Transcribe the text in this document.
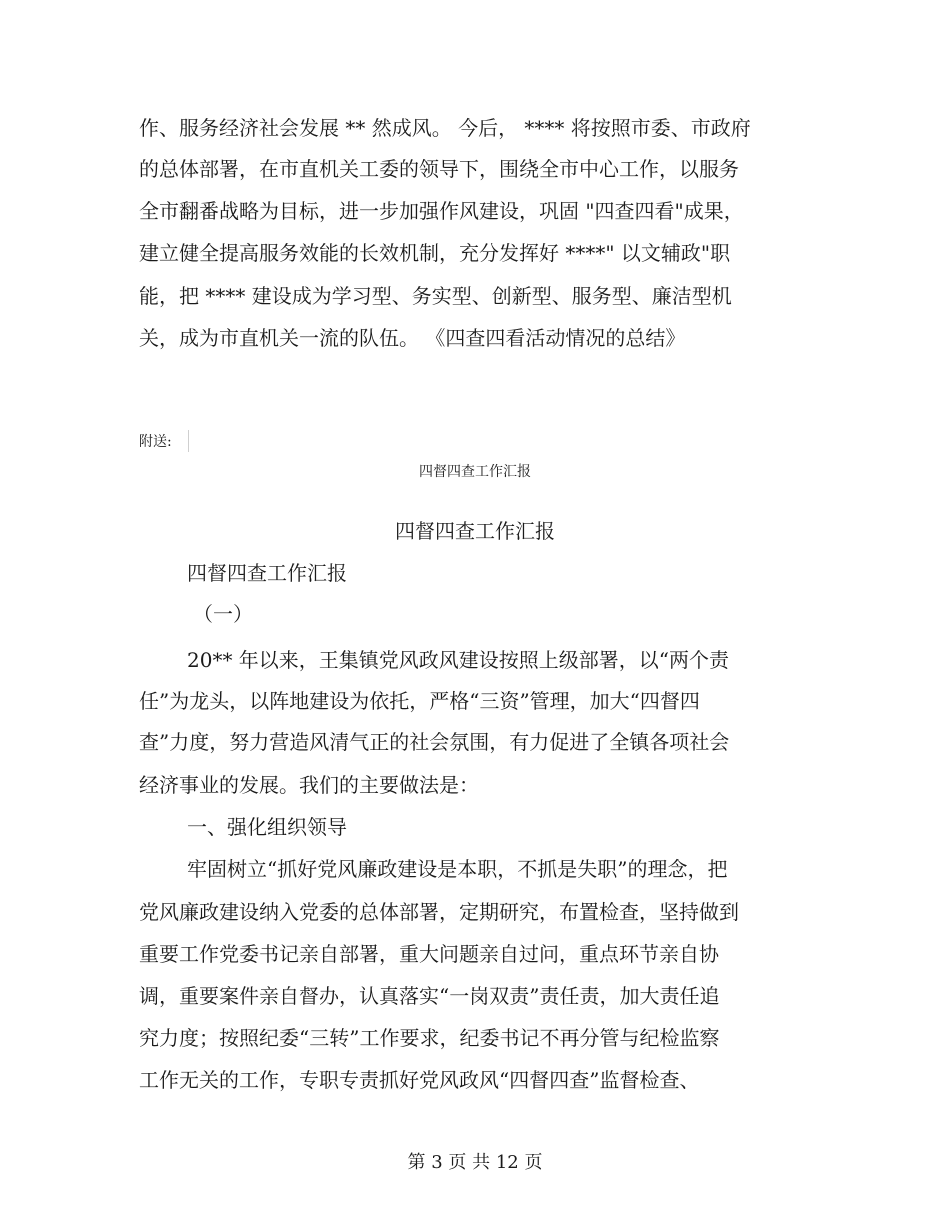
作、服务经济社会发展 ** 然成风。 今后， **** 将按照市委、市政府
的总体部署，在市直机关工委的领导下，围绕全市中心工作，以服务
全市翻番战略为目标，进一步加强作风建设，巩固 "四查四看"成果，
建立健全提高服务效能的长效机制，充分发挥好 ****" 以文辅政"职
能，把 **** 建设成为学习型、务实型、创新型、服务型、廉洁型机
关，成为市直机关一流的队伍。 《四查四看活动情况的总结》
附送:
四督四查工作汇报
四督四查工作汇报
四督四查工作汇报
（一）
20** 年以来，王集镇党风政风建设按照上级部署，以“两个责
任”为龙头，以阵地建设为依托，严格“三资”管理，加大“四督四
查”力度，努力营造风清气正的社会氛围，有力促进了全镇各项社会
经济事业的发展。我们的主要做法是：
一、强化组织领导
牢固树立“抓好党风廉政建设是本职，不抓是失职”的理念，把
党风廉政建设纳入党委的总体部署，定期研究，布置检查，坚持做到
重要工作党委书记亲自部署，重大问题亲自过问，重点环节亲自协
调，重要案件亲自督办，认真落实“一岗双责”责任责，加大责任追
究力度；按照纪委“三转”工作要求，纪委书记不再分管与纪检监察
工作无关的工作，专职专责抓好党风政风“四督四查”监督检查、
第 3 页 共 12 页
